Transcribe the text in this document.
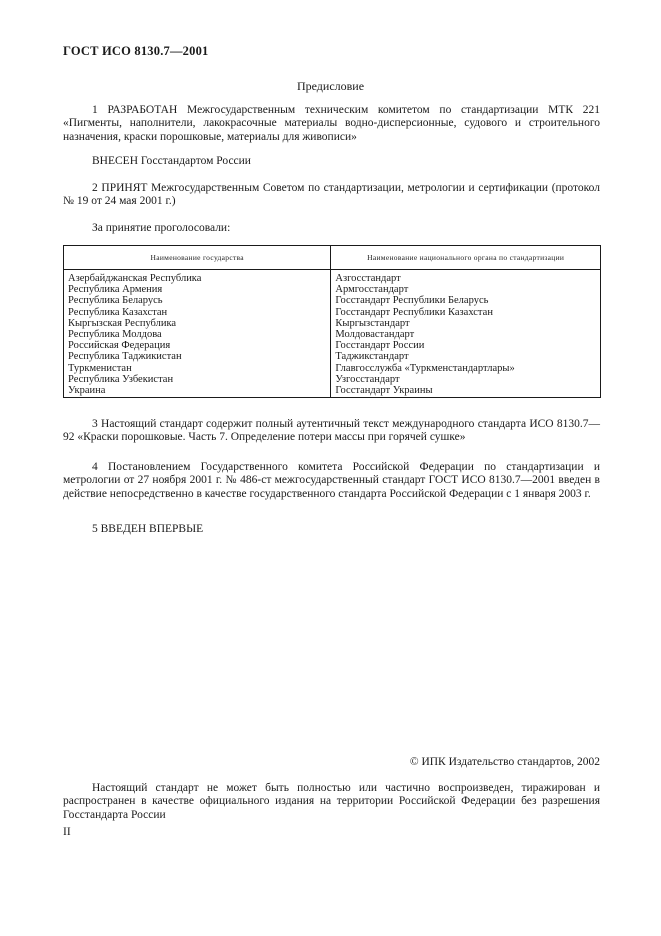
ГОСТ ИСО 8130.7—2001
Предисловие
1 РАЗРАБОТАН Межгосударственным техническим комитетом по стандартизации МТК 221 «Пигменты, наполнители, лакокрасочные материалы водно-дисперсионные, судового и строительного назначения, краски порошковые, материалы для живописи»
ВНЕСЕН Госстандартом России
2 ПРИНЯТ Межгосударственным Советом по стандартизации, метрологии и сертификации (протокол № 19 от 24 мая 2001 г.)
За принятие проголосовали:
Наименование государства	Наименование национального органа по стандартизации
Азербайджанская Республика	Азгосстандарт
Республика Армения	Армгосстандарт
Республика Беларусь	Госстандарт Республики Беларусь
Республика Казахстан	Госстандарт Республики Казахстан
Кыргызская Республика	Кыргызстандарт
Республика Молдова	Молдовастандарт
Российская Федерация	Госстандарт России
Республика Таджикистан	Таджикстандарт
Туркменистан	Главгосслужба «Туркменстандартлары»
Республика Узбекистан	Узгосстандарт
Украина	Госстандарт Украины
3 Настоящий стандарт содержит полный аутентичный текст международного стандарта ИСО 8130.7—92 «Краски порошковые. Часть 7. Определение потери массы при горячей сушке»
4 Постановлением Государственного комитета Российской Федерации по стандартизации и метрологии от 27 ноября 2001 г. № 486-ст межгосударственный стандарт ГОСТ ИСО 8130.7—2001 введен в действие непосредственно в качестве государственного стандарта Российской Федерации с 1 января 2003 г.
5 ВВЕДЕН ВПЕРВЫЕ
© ИПК Издательство стандартов, 2002
Настоящий стандарт не может быть полностью или частично воспроизведен, тиражирован и распространен в качестве официального издания на территории Российской Федерации без разрешения Госстандарта России
II
